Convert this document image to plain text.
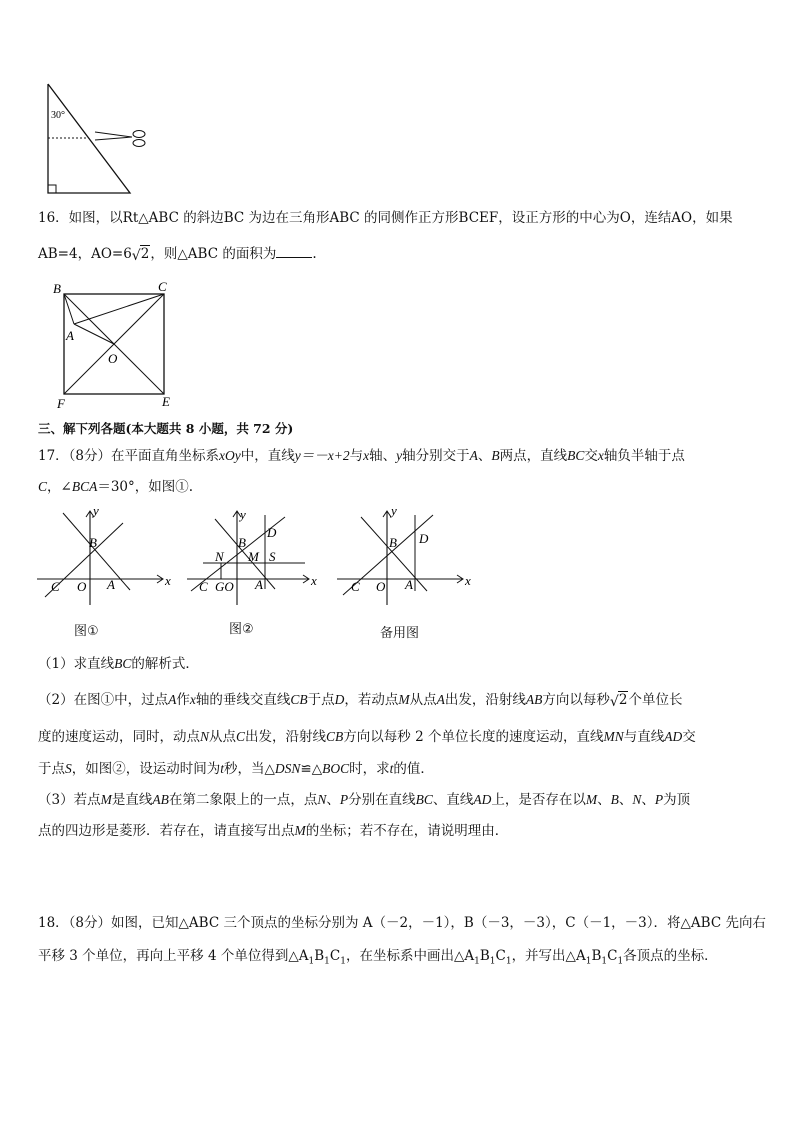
30°
16．如图，以Rt△ABC 的斜边BC 为边在三角形ABC 的同侧作正方形BCEF，设正方形的中心为O，连结AO，如果
AB=4，AO=6 √ 2，则△ABC 的面积为	.
B	C
A
O
F	E
三、解下列各题(本大题共 8 小题，共 72 分)
17．（8分）在平面直角坐标系xOy中，直线y＝－x+2与x轴、y轴分别交于A、B两点，直线BC交x轴负半轴于点
C，∠BCA＝30°，如图①.
x
y
B
C O A
图①
x
y
D
B
N M S
C GO A
图②
x
y
B D
C O A
备用图
（1）求直线BC的解析式．
（2）在图①中，过点A作x轴的垂线交直线CB于点D，若动点M从点A出发，沿射线AB方向以每秒 √ 2个单位长
度的速度运动，同时，动点N从点C出发，沿射线CB方向以每秒 2 个单位长度的速度运动，直线MN与直线AD交
于点S，如图②，设运动时间为t秒，当△DSN≌△BOC时，求t的值．
（3）若点M是直线AB在第二象限上的一点，点N、P分别在直线BC、直线AD上，是否存在以M、B、N、P为顶
点的四边形是菱形．若存在，请直接写出点M的坐标；若不存在，请说明理由．
18．（8分）如图，已知△ABC 三个顶点的坐标分别为 A（－2，－1），B（－3，－3），C（－1，－3）．将△ABC 先向右
平移 3 个单位，再向上平移 4 个单位得到$\triangle A_1B_1C_1$，在坐标系中画出$\triangle A_1B_1C_1$，并写出$\triangle A_1B_1C_1$各顶点的坐标．
